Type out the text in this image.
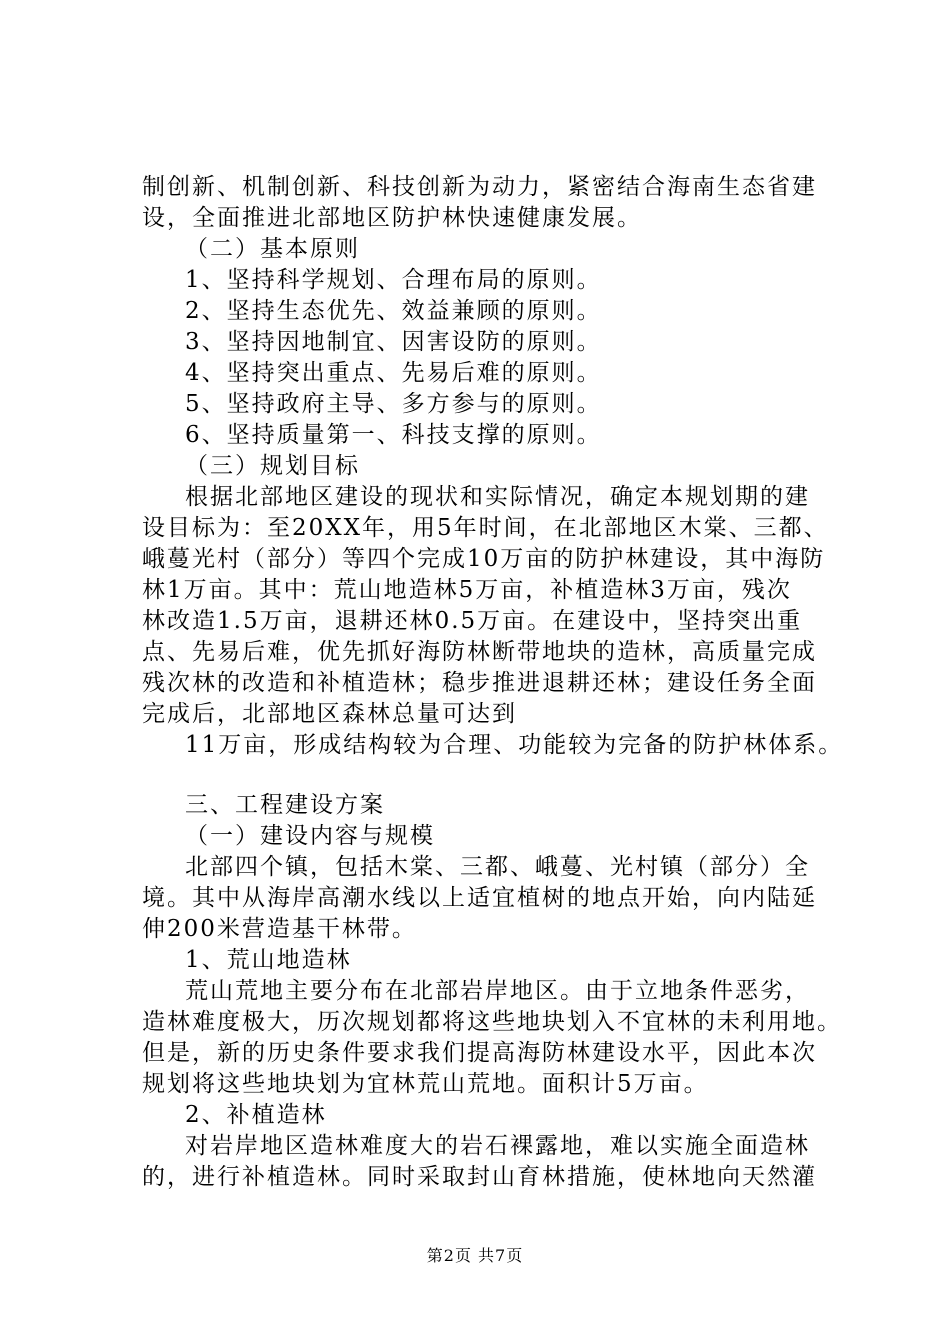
制创新、机制创新、科技创新为动力，紧密结合海南生态省建

设，全面推进北部地区防护林快速健康发展。

（二）基本原则

1、坚持科学规划、合理布局的原则。

2、坚持生态优先、效益兼顾的原则。

3、坚持因地制宜、因害设防的原则。

4、坚持突出重点、先易后难的原则。

5、坚持政府主导、多方参与的原则。

6、坚持质量第一、科技支撑的原则。

（三）规划目标

根据北部地区建设的现状和实际情况，确定本规划期的建

设目标为：至20XX年，用5年时间，在北部地区木棠、三都、

峨蔓光村（部分）等四个完成10万亩的防护林建设，其中海防

林1万亩。其中：荒山地造林5万亩，补植造林3万亩，残次

林改造1.5万亩，退耕还林0.5万亩。在建设中，坚持突出重

点、先易后难，优先抓好海防林断带地块的造林，高质量完成

残次林的改造和补植造林；稳步推进退耕还林；建设任务全面

完成后，北部地区森林总量可达到

11万亩，形成结构较为合理、功能较为完备的防护林体系。

三、工程建设方案

（一）建设内容与规模

北部四个镇，包括木棠、三都、峨蔓、光村镇（部分）全

境。其中从海岸高潮水线以上适宜植树的地点开始，向内陆延

伸200米营造基干林带。

1、荒山地造林

荒山荒地主要分布在北部岩岸地区。由于立地条件恶劣，

造林难度极大，历次规划都将这些地块划入不宜林的未利用地。

但是，新的历史条件要求我们提高海防林建设水平，因此本次

规划将这些地块划为宜林荒山荒地。面积计5万亩。

2、补植造林

对岩岸地区造林难度大的岩石裸露地，难以实施全面造林

的，进行补植造林。同时采取封山育林措施，使林地向天然灌

第2页 共7页
